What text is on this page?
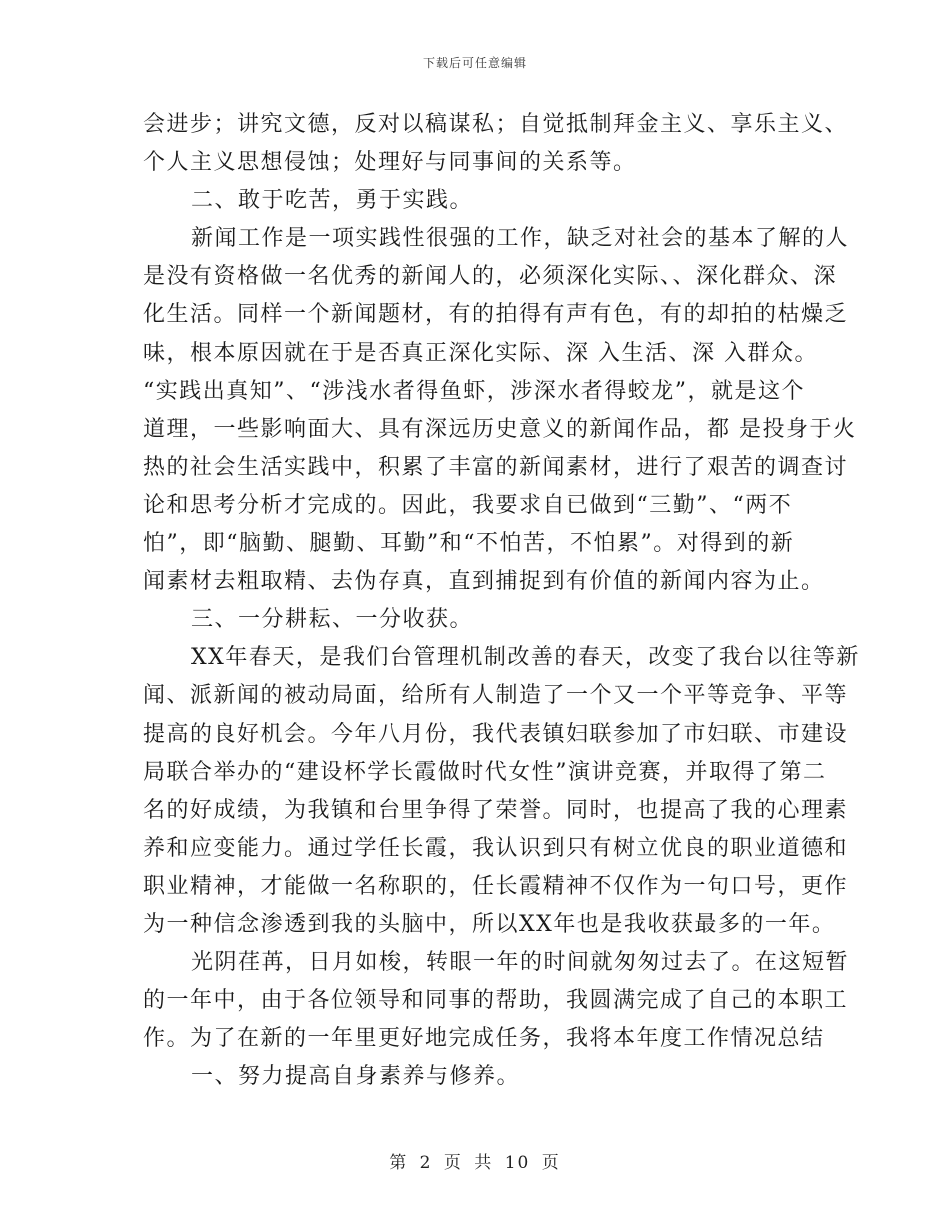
下载后可任意编辑
会进步；讲究文德，反对以稿谋私；自觉抵制拜金主义、享乐主义、
个人主义思想侵蚀；处理好与同事间的关系等。
二、敢于吃苦，勇于实践。
新闻工作是一项实践性很强的工作，缺乏对社会的基本了解的人
是没有资格做一名优秀的新闻人的，必须深化实际、、深化群众、深
化生活。同样一个新闻题材，有的拍得有声有色，有的却拍的枯燥乏
味，根本原因就在于是否真正深化实际、深 入生活、深 入群众。
“实践出真知”、“涉浅水者得鱼虾，涉深水者得蛟龙”，就是这个
道理，一些影响面大、具有深远历史意义的新闻作品，都 是投身于火
热的社会生活实践中，积累了丰富的新闻素材，进行了艰苦的调查讨
论和思考分析才完成的。因此，我要求自已做到“三勤”、“两不
怕”，即“脑勤、腿勤、耳勤”和“不怕苦，不怕累”。对得到的新
闻素材去粗取精、去伪存真，直到捕捉到有价值的新闻内容为止。
三、一分耕耘、一分收获。
XX年春天，是我们台管理机制改善的春天，改变了我台以往等新
闻、派新闻的被动局面，给所有人制造了一个又一个平等竞争、平等
提高的良好机会。今年八月份，我代表镇妇联参加了市妇联、市建设
局联合举办的“建设杯学长霞做时代女性”演讲竞赛，并取得了第二
名的好成绩，为我镇和台里争得了荣誉。同时，也提高了我的心理素
养和应变能力。通过学任长霞，我认识到只有树立优良的职业道德和
职业精神，才能做一名称职的，任长霞精神不仅作为一句口号，更作
为一种信念渗透到我的头脑中，所以XX年也是我收获最多的一年。
光阴荏苒，日月如梭，转眼一年的时间就匆匆过去了。在这短暂
的一年中，由于各位领导和同事的帮助，我圆满完成了自己的本职工
作。为了在新的一年里更好地完成任务，我将本年度工作情况总结
一、努力提高自身素养与修养。
第 2 页 共 10 页
